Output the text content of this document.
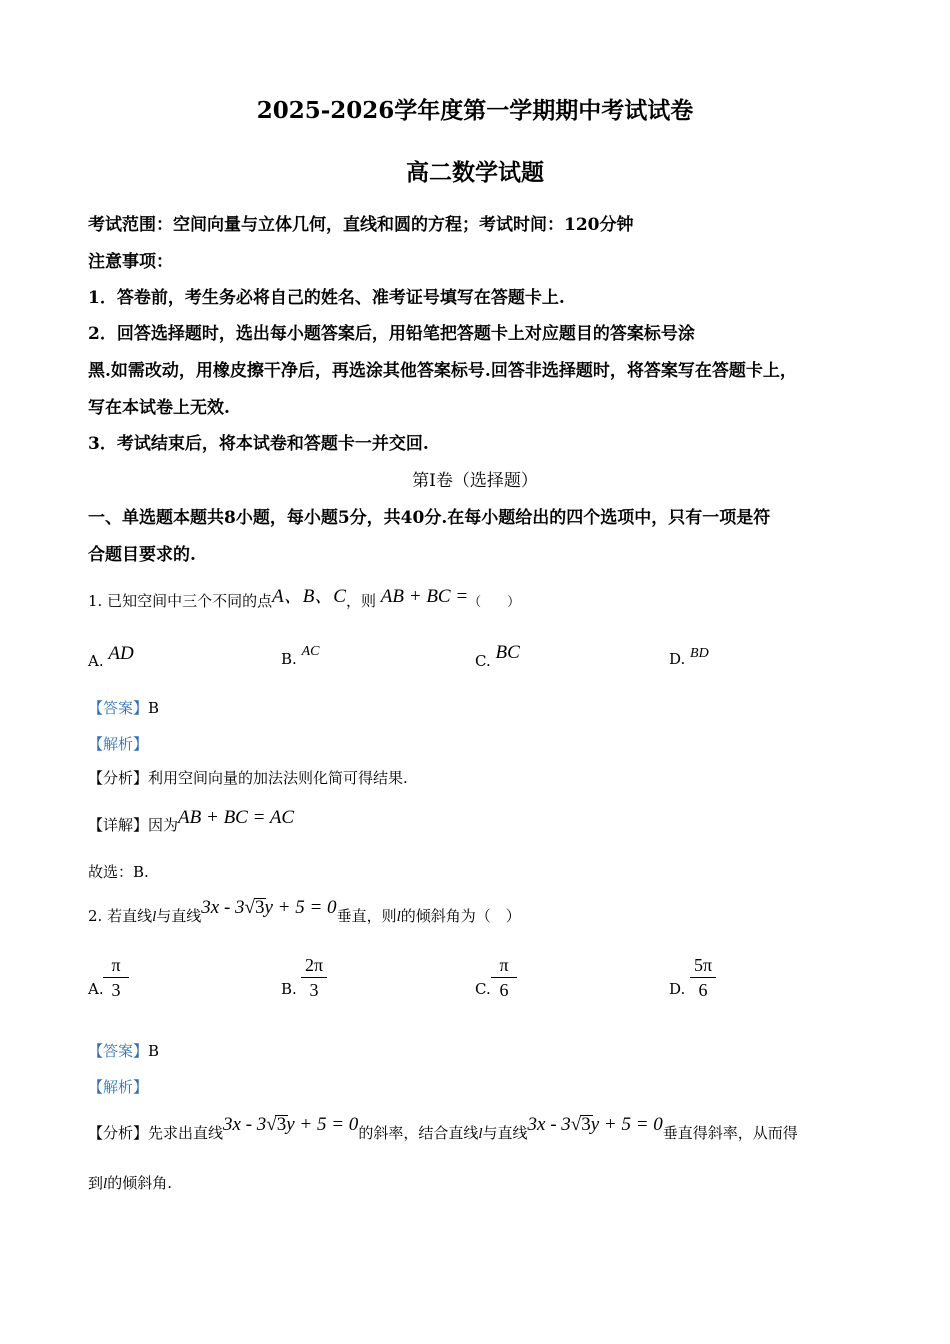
2025-2026学年度第一学期期中考试试卷
高二数学试题
考试范围：空间向量与立体几何，直线和圆的方程；考试时间：120分钟
注意事项：
1．答卷前，考生务必将自己的姓名、准考证号填写在答题卡上.
2．回答选择题时，选出每小题答案后，用铅笔把答题卡上对应题目的答案标号涂
黑.如需改动，用橡皮擦干净后，再选涂其他答案标号.回答非选择题时，将答案写在答题卡上，
写在本试卷上无效.
3．考试结束后，将本试卷和答题卡一并交回.
第Ⅰ卷（选择题）
一、单选题本题共8小题，每小题5分，共40分.在每小题给出的四个选项中，只有一项是符
合题目要求的.
1. 已知空间中三个不同的点A、B、C，则 AB + BC =（　　）
A. AD	B. AC
C. BC	D. BD
【答案】B
【解析】
【分析】利用空间向量的加法法则化简可得结果.
【详解】因为AB + BC = AC
故选：B.
2. 若直线l与直线3x - 3√3y + 5 = 0垂直，则l的倾斜角为（　）
A.
π
3	B.
2π
3	C.
π
6	D.
5π
6
【答案】B
【解析】
【分析】先求出直线3x - 3√3y + 5 = 0的斜率，结合直线l与直线3x - 3√3y + 5 = 0垂直得斜率，从而得
到l的倾斜角.
